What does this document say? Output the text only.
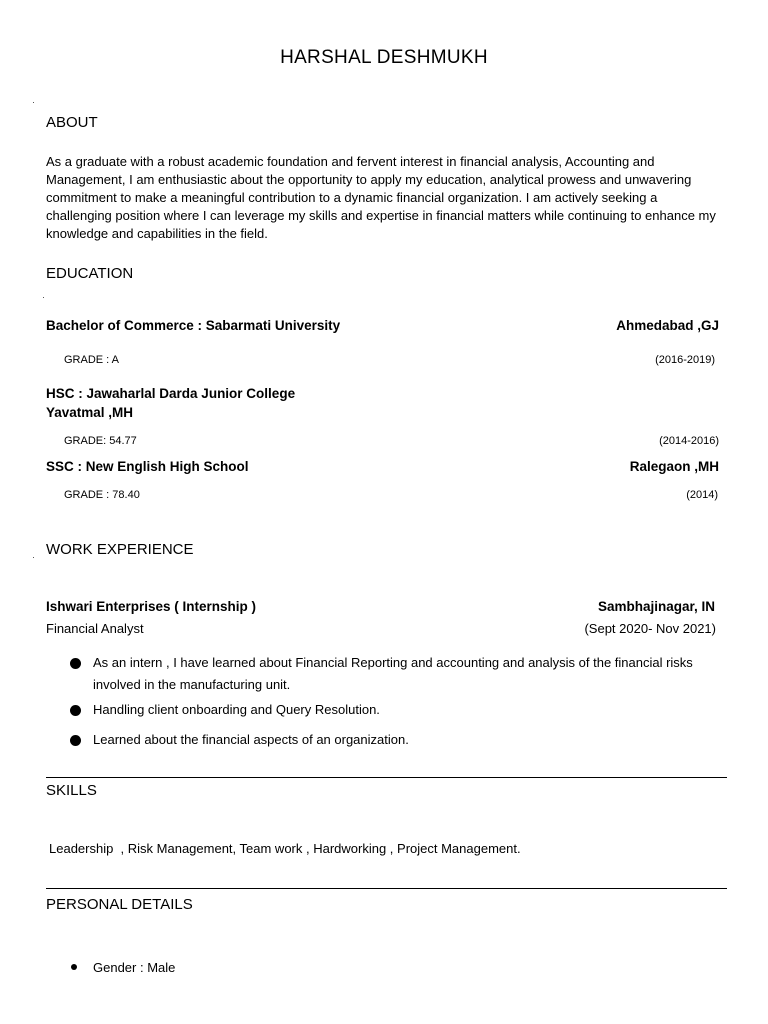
HARSHAL DESHMUKH
ABOUT
As a graduate with a robust academic foundation and fervent interest in financial analysis, Accounting and Management, I am enthusiastic about the opportunity to apply my education, analytical prowess and unwavering commitment to make a meaningful contribution to a dynamic financial organization. I am actively seeking a challenging position where I can leverage my skills and expertise in financial matters while continuing to enhance my knowledge and capabilities in the field.
EDUCATION
Bachelor of Commerce : Sabarmati University	Ahmedabad ,GJ
GRADE : A	(2016-2019)
HSC : Jawaharlal Darda Junior College
Yavatmal ,MH
GRADE: 54.77	(2014-2016)
SSC : New English High School	Ralegaon ,MH
GRADE : 78.40	(2014)
WORK EXPERIENCE
Ishwari Enterprises ( Internship )	Sambhajinagar, IN
Financial Analyst	(Sept 2020- Nov 2021)
As an intern , I have learned about Financial Reporting and accounting and analysis of the financial risks
involved in the manufacturing unit.
Handling client onboarding and Query Resolution.
Learned about the financial aspects of an organization.
SKILLS
Leadership  , Risk Management, Team work , Hardworking , Project Management.
PERSONAL DETAILS
Gender : Male
